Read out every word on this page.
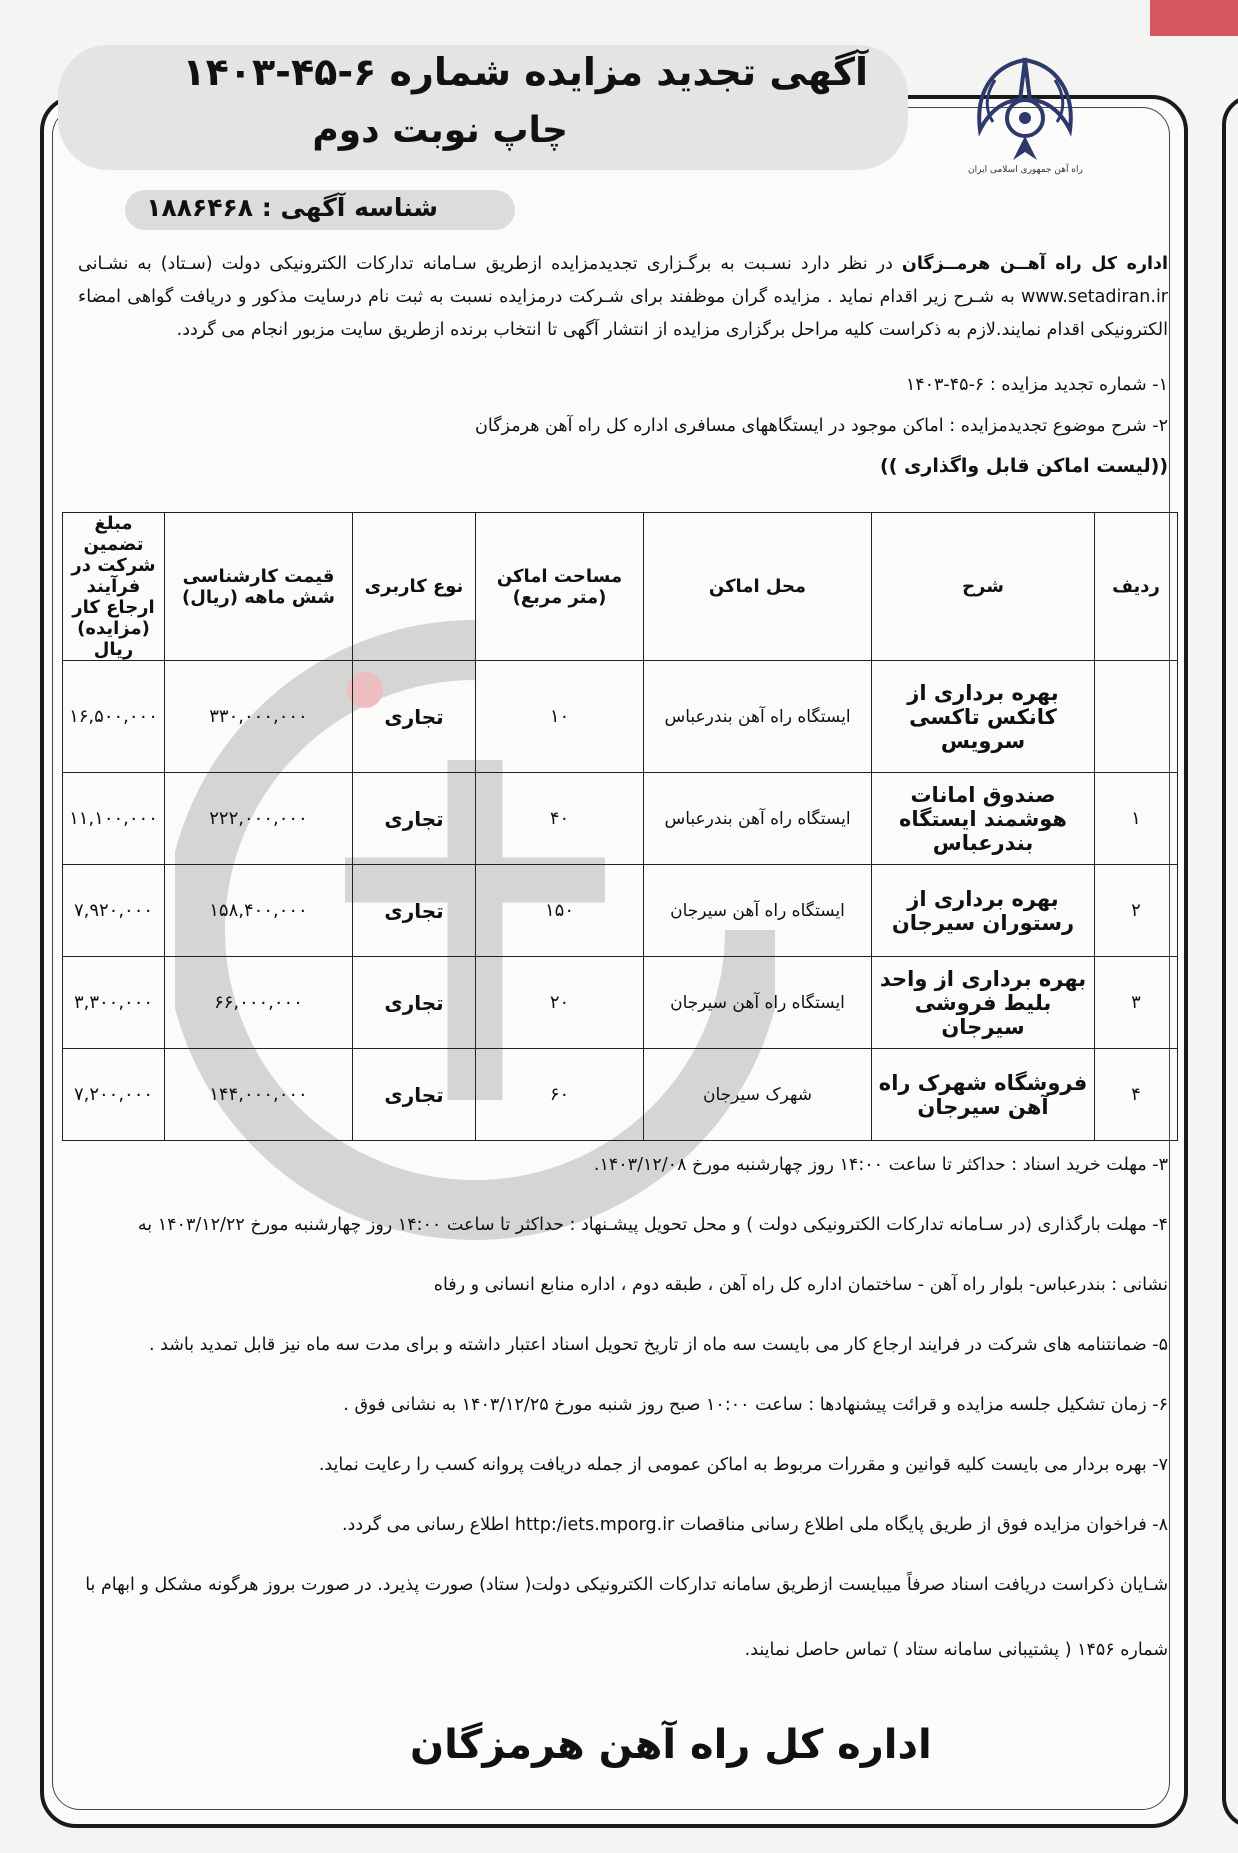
آگهی تجدید مزایده شماره ۶-۴۵-۱۴۰۳
چاپ نوبت دوم
راه آهن جمهوری اسلامی ایران
شناسه آگهی : ۱۸۸۶۴۶۸
اداره کل راه آهــن هرمــزگان در نظر دارد نسـبت به برگـزاری تجدیدمزایده ازطریق سـامانه تدارکات الکترونیکی دولت (سـتاد) به نشـانی www.setadiran.ir به شـرح زیر اقدام نماید . مزایده گران موظفند برای شـرکت درمزایده نسبت به ثبت نام درسایت مذکور و دریافت گواهی امضاء الکترونیکی اقدام نمایند.لازم به ذکراست کلیه مراحل برگزاری مزایده از انتشار آگهی تا انتخاب برنده ازطریق سایت مزبور انجام می گردد.
۱- شماره تجدید مزایده : ۶-۴۵-۱۴۰۳
۲- شرح موضوع تجدیدمزایده : اماکن موجود در ایستگاههای مسافری اداره کل راه آهن هرمزگان
((لیست اماکن قابل واگذاری ))
ردیف	شرح	محل اماکن	مساحت اماکن (متر مربع)	نوع کاربری	قیمت کارشناسی شش ماهه (ریال)	مبلغ تضمین شرکت در فرآیند ارجاع کار (مزایده) ریال
	بهره برداری از کانکس تاکسی سرویس	ایستگاه راه آهن بندرعباس	۱۰	تجاری	۳۳۰,۰۰۰,۰۰۰	۱۶,۵۰۰,۰۰۰
۱	صندوق امانات هوشمند ایستگاه بندرعباس	ایستگاه راه آهن بندرعباس	۴۰	تجاری	۲۲۲,۰۰۰,۰۰۰	۱۱,۱۰۰,۰۰۰
۲	بهره برداری از رستوران سیرجان	ایستگاه راه آهن سیرجان	۱۵۰	تجاری	۱۵۸,۴۰۰,۰۰۰	۷,۹۲۰,۰۰۰
۳	بهره برداری از واحد بلیط فروشی سیرجان	ایستگاه راه آهن سیرجان	۲۰	تجاری	۶۶,۰۰۰,۰۰۰	۳,۳۰۰,۰۰۰
۴	فروشگاه شهرک راه آهن سیرجان	شهرک سیرجان	۶۰	تجاری	۱۴۴,۰۰۰,۰۰۰	۷,۲۰۰,۰۰۰
۳- مهلت خرید اسناد : حداکثر تا ساعت ۱۴:۰۰ روز چهارشنبه مورخ ۱۴۰۳/۱۲/۰۸.
۴- مهلت بارگذاری (در سـامانه تدارکات الکترونیکی دولت ) و محل تحویل پیشـنهاد : حداکثر تا ساعت ۱۴:۰۰ روز چهارشنبه مورخ ۱۴۰۳/۱۲/۲۲ به
نشانی : بندرعباس- بلوار راه آهن - ساختمان اداره کل راه آهن ، طبقه دوم ، اداره منابع انسانی و رفاه
۵- ضمانتنامه های شرکت در فرایند ارجاع کار می بایست سه ماه از تاریخ تحویل اسناد اعتبار داشته و برای مدت سه ماه نیز قابل تمدید باشد .
۶- زمان تشکیل جلسه مزایده و قرائت پیشنهادها : ساعت ۱۰:۰۰ صبح روز شنبه مورخ ۱۴۰۳/۱۲/۲۵ به نشانی فوق .
۷- بهره بردار می بایست کلیه قوانین و مقررات مربوط به اماکن عمومی از جمله دریافت پروانه کسب را رعایت نماید.
۸- فراخوان مزایده فوق از طریق پایگاه ملی اطلاع رسانی مناقصات http:/iets.mporg.ir اطلاع رسانی می گردد.
شـایان ذکراست دریافت اسناد صرفاً میبایست ازطریق سامانه تدارکات الکترونیکی دولت( ستاد) صورت پذیرد. در صورت بروز هرگونه مشکل و ابهام با
شماره ۱۴۵۶ ( پشتیبانی سامانه ستاد ) تماس حاصل نمایند.
اداره کل راه آهن هرمزگان
